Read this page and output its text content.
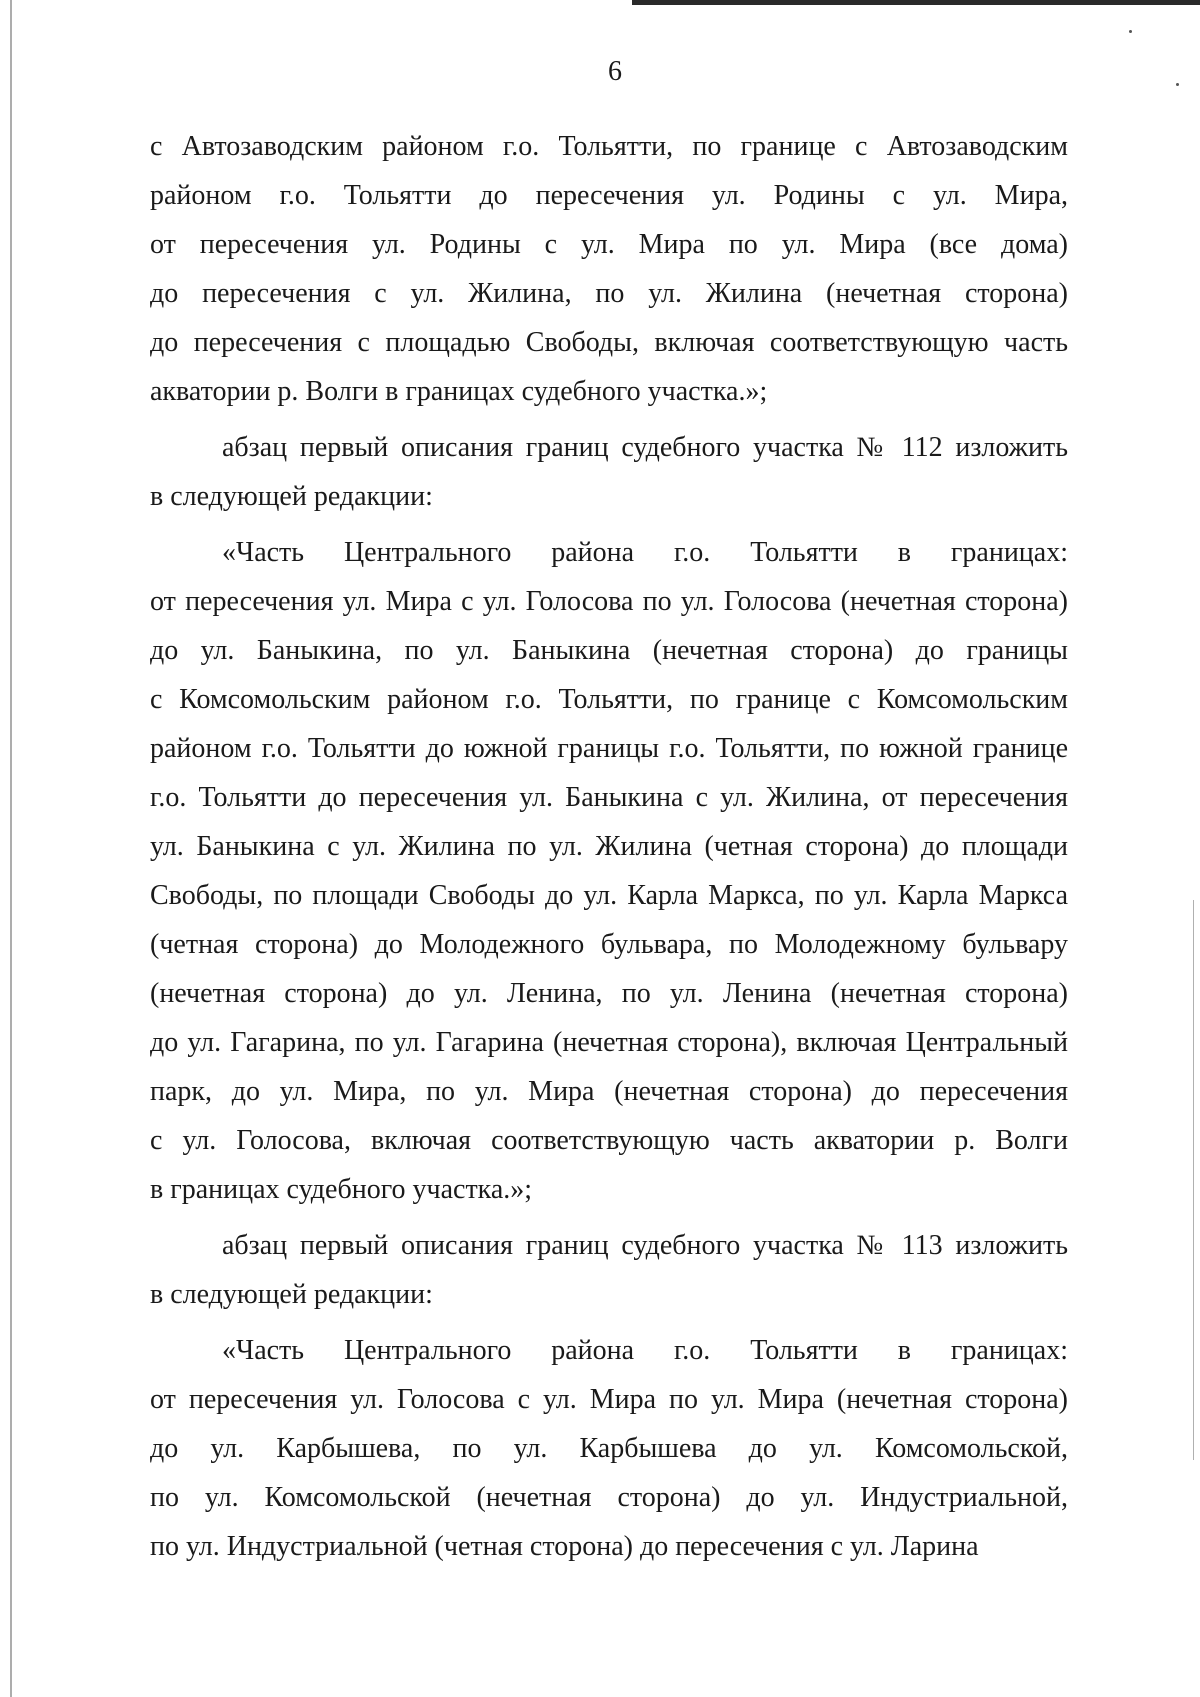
6
с Автозаводским районом г.о. Тольятти, по границе с Автозаводским
районом г.о. Тольятти до пересечения ул. Родины с ул. Мира,
от пересечения ул. Родины с ул. Мира по ул. Мира (все дома)
до пересечения с ул. Жилина, по ул. Жилина (нечетная сторона)
до пересечения с площадью Свободы, включая соответствующую часть
акватории р. Волги в границах судебного участка.»;
абзац первый описания границ судебного участка № 112 изложить
в следующей редакции:
«Часть Центрального района г.о. Тольятти в границах:
от пересечения ул. Мира с ул. Голосова по ул. Голосова (нечетная сторона)
до ул. Баныкина, по ул. Баныкина (нечетная сторона) до границы
с Комсомольским районом г.о. Тольятти, по границе с Комсомольским
районом г.о. Тольятти до южной границы г.о. Тольятти, по южной границе
г.о. Тольятти до пересечения ул. Баныкина с ул. Жилина, от пересечения
ул. Баныкина с ул. Жилина по ул. Жилина (четная сторона) до площади
Свободы, по площади Свободы до ул. Карла Маркса, по ул. Карла Маркса
(четная сторона) до Молодежного бульвара, по Молодежному бульвару
(нечетная сторона) до ул. Ленина, по ул. Ленина (нечетная сторона)
до ул. Гагарина, по ул. Гагарина (нечетная сторона), включая Центральный
парк, до ул. Мира, по ул. Мира (нечетная сторона) до пересечения
с ул. Голосова, включая соответствующую часть акватории р. Волги
в границах судебного участка.»;
абзац первый описания границ судебного участка № 113 изложить
в следующей редакции:
«Часть Центрального района г.о. Тольятти в границах:
от пересечения ул. Голосова с ул. Мира по ул. Мира (нечетная сторона)
до ул. Карбышева, по ул. Карбышева до ул. Комсомольской,
по ул. Комсомольской (нечетная сторона) до ул. Индустриальной,
по ул. Индустриальной (четная сторона) до пересечения с ул. Ларина
